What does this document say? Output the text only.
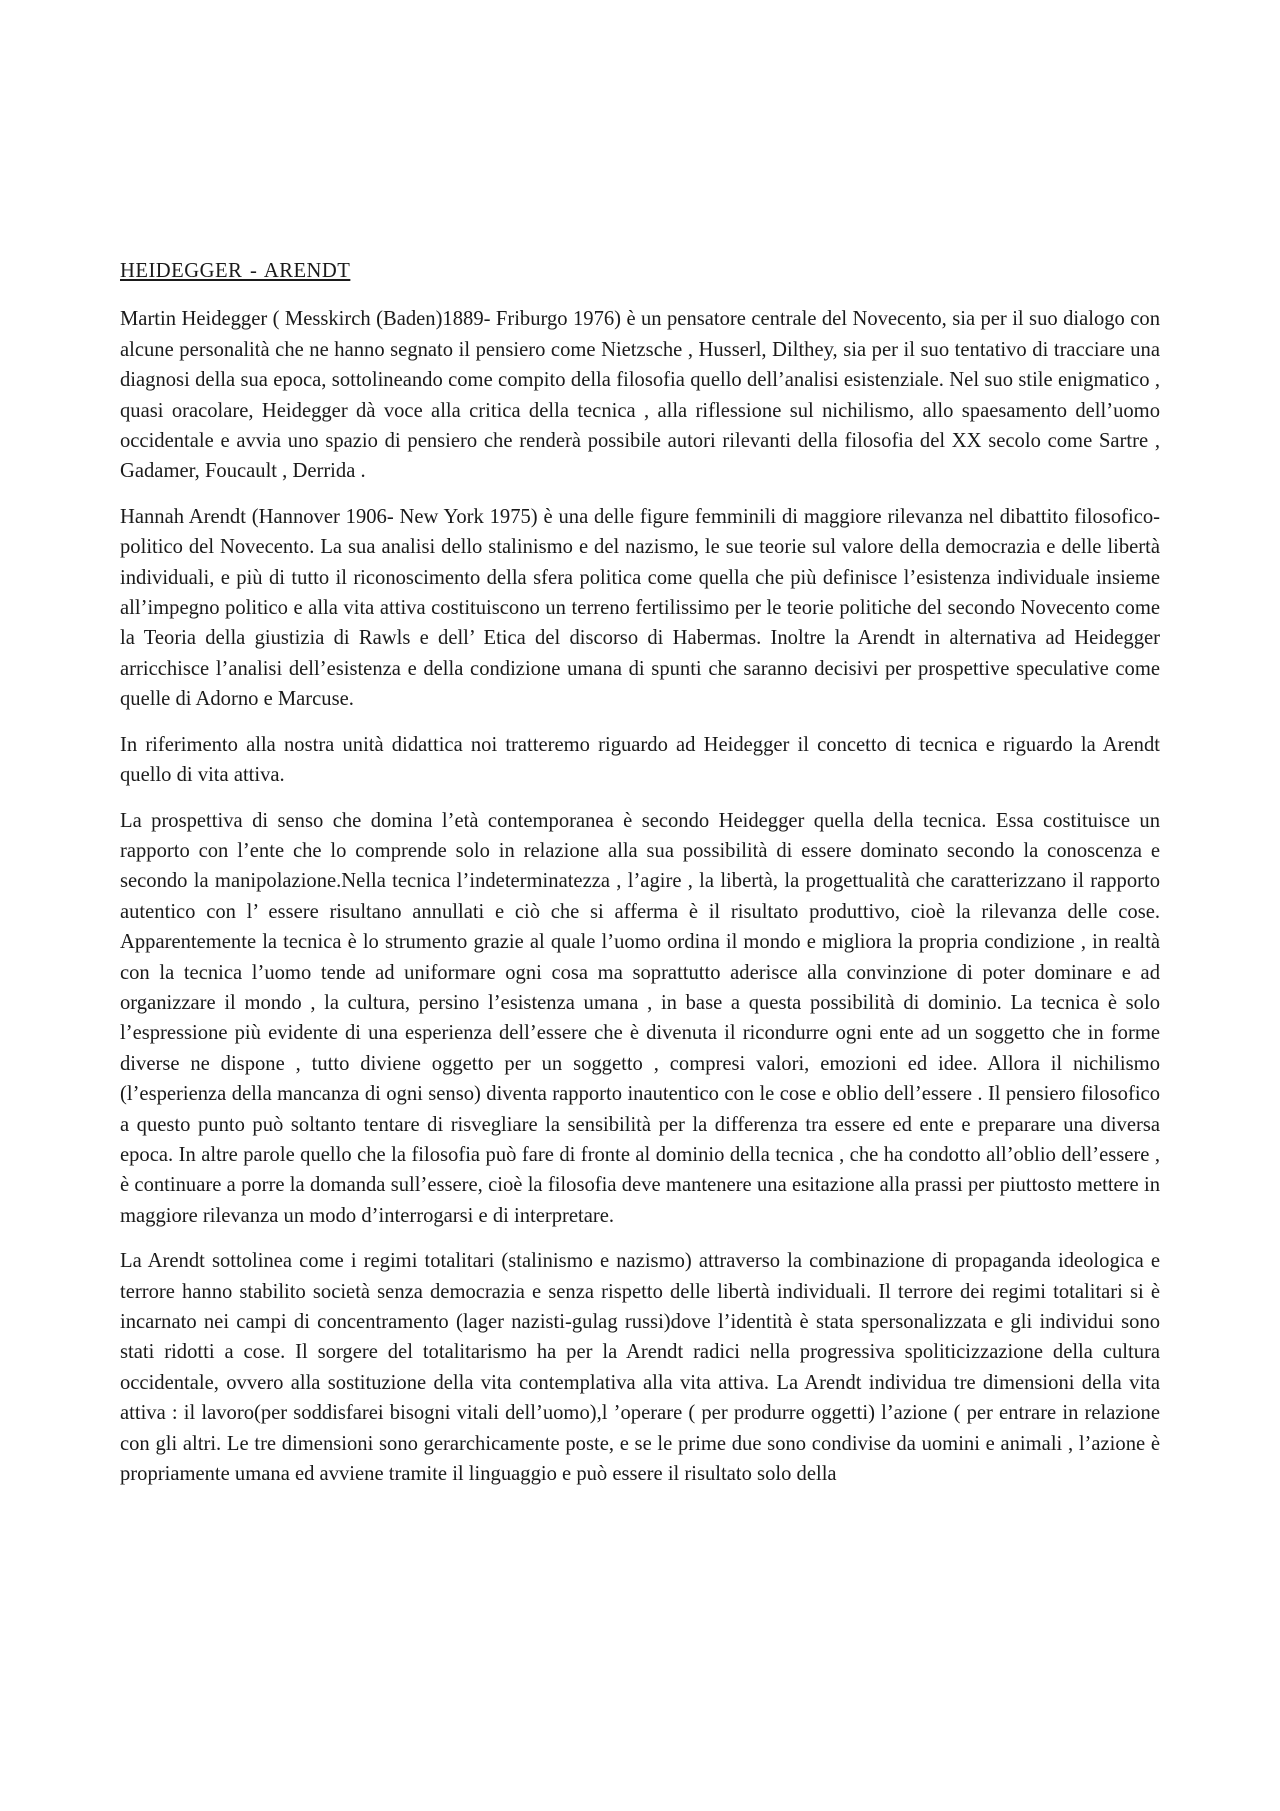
HEIDEGGER - ARENDT

Martin Heidegger ( Messkirch (Baden)1889- Friburgo 1976) è un pensatore centrale del Novecento, sia per il suo dialogo con alcune personalità che ne hanno segnato il pensiero come Nietzsche , Husserl, Dilthey, sia per il suo tentativo di tracciare una diagnosi della sua epoca, sottolineando come compito della filosofia quello dell’analisi esistenziale. Nel suo stile enigmatico , quasi oracolare, Heidegger dà voce alla critica della tecnica , alla riflessione sul nichilismo, allo spaesamento dell’uomo occidentale e avvia uno spazio di pensiero che renderà possibile autori rilevanti della filosofia del XX secolo come Sartre , Gadamer, Foucault , Derrida .

Hannah Arendt (Hannover 1906- New York 1975) è una delle figure femminili di maggiore rilevanza nel dibattito filosofico-politico del Novecento. La sua analisi dello stalinismo e del nazismo, le sue teorie sul valore della democrazia e delle libertà individuali, e più di tutto il riconoscimento della sfera politica come quella che più definisce l’esistenza individuale insieme all’impegno politico e alla vita attiva costituiscono un terreno fertilissimo per le teorie politiche del secondo Novecento come la Teoria della giustizia di Rawls e dell’ Etica del discorso di Habermas. Inoltre la Arendt in alternativa ad Heidegger arricchisce l’analisi dell’esistenza e della condizione umana di spunti che saranno decisivi per prospettive speculative come quelle di Adorno e Marcuse.

In riferimento alla nostra unità didattica noi tratteremo riguardo ad Heidegger il concetto di tecnica e riguardo la Arendt quello di vita attiva.

La prospettiva di senso che domina l’età contemporanea è secondo Heidegger quella della tecnica. Essa costituisce un rapporto con l’ente che lo comprende solo in relazione alla sua possibilità di essere dominato secondo la conoscenza e secondo la manipolazione.Nella tecnica l’indeterminatezza , l’agire , la libertà, la progettualità che caratterizzano il rapporto autentico con l’ essere risultano annullati e ciò che si afferma è il risultato produttivo, cioè la rilevanza delle cose. Apparentemente la tecnica è lo strumento grazie al quale l’uomo ordina il mondo e migliora la propria condizione , in realtà con la tecnica l’uomo tende ad uniformare ogni cosa ma soprattutto aderisce alla convinzione di poter dominare e ad organizzare il mondo , la cultura, persino l’esistenza umana , in base a questa possibilità di dominio. La tecnica è solo l’espressione più evidente di una esperienza dell’essere che è divenuta il ricondurre ogni ente ad un soggetto che in forme diverse ne dispone , tutto diviene oggetto per un soggetto , compresi valori, emozioni ed idee. Allora il nichilismo (l’esperienza della mancanza di ogni senso) diventa rapporto inautentico con le cose e oblio dell’essere . Il pensiero filosofico a questo punto può soltanto tentare di risvegliare la sensibilità per la differenza tra essere ed ente e preparare una diversa epoca. In altre parole quello che la filosofia può fare di fronte al dominio della tecnica , che ha condotto all’oblio dell’essere , è continuare a porre la domanda sull’essere, cioè la filosofia deve mantenere una esitazione alla prassi per piuttosto mettere in maggiore rilevanza un modo d’interrogarsi e di interpretare.

La Arendt sottolinea come i regimi totalitari (stalinismo e nazismo) attraverso la combinazione di propaganda ideologica e terrore hanno stabilito società senza democrazia e senza rispetto delle libertà individuali. Il terrore dei regimi totalitari si è incarnato nei campi di concentramento (lager nazisti-gulag russi)dove l’identità è stata spersonalizzata e gli individui sono stati ridotti a cose. Il sorgere del totalitarismo ha per la Arendt radici nella progressiva spoliticizzazione della cultura occidentale, ovvero alla sostituzione della vita contemplativa alla vita attiva. La Arendt individua tre dimensioni della vita attiva : il lavoro(per soddisfarei bisogni vitali dell’uomo),l ’operare ( per produrre oggetti) l’azione ( per entrare in relazione con gli altri. Le tre dimensioni sono gerarchicamente poste, e se le prime due sono condivise da uomini e animali , l’azione è propriamente umana ed avviene tramite il linguaggio e può essere il risultato solo della
